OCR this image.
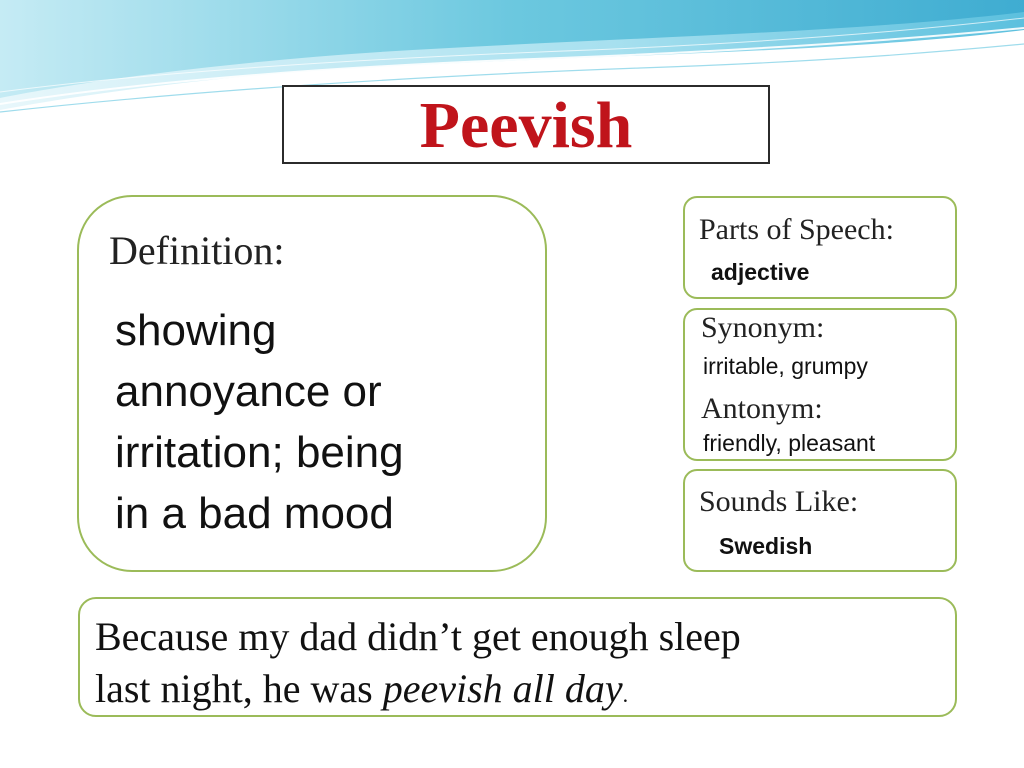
Peevish
Definition:
showing
annoyance or
irritation; being
in a bad mood
Parts of Speech:
adjective
Synonym:
irritable, grumpy
Antonym:
friendly, pleasant
Sounds Like:
Swedish
Because my dad didn’t get enough sleep
last night, he was peevish all day.
